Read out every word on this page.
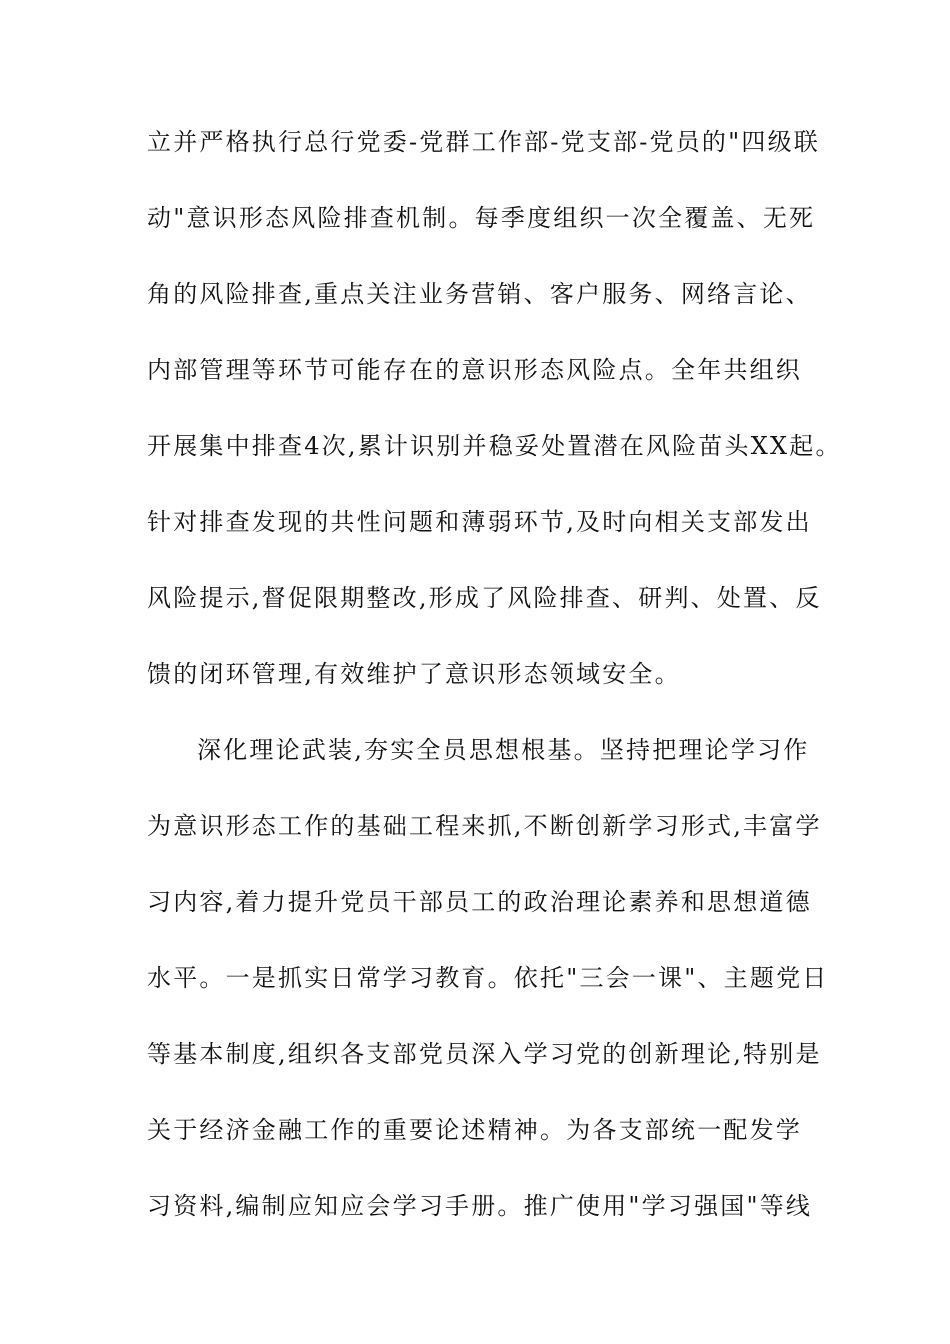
立并严格执行总行党委-党群工作部-党支部-党员的"四级联
动"意识形态风险排查机制。每季度组织一次全覆盖、无死
角的风险排查,重点关注业务营销、客户服务、网络言论、
内部管理等环节可能存在的意识形态风险点。全年共组织
开展集中排查4次,累计识别并稳妥处置潜在风险苗头XX起。
针对排查发现的共性问题和薄弱环节,及时向相关支部发出
风险提示,督促限期整改,形成了风险排查、研判、处置、反
馈的闭环管理,有效维护了意识形态领域安全。
深化理论武装,夯实全员思想根基。坚持把理论学习作
为意识形态工作的基础工程来抓,不断创新学习形式,丰富学
习内容,着力提升党员干部员工的政治理论素养和思想道德
水平。一是抓实日常学习教育。依托"三会一课"、主题党日
等基本制度,组织各支部党员深入学习党的创新理论,特别是
关于经济金融工作的重要论述精神。为各支部统一配发学
习资料,编制应知应会学习手册。推广使用"学习强国"等线
